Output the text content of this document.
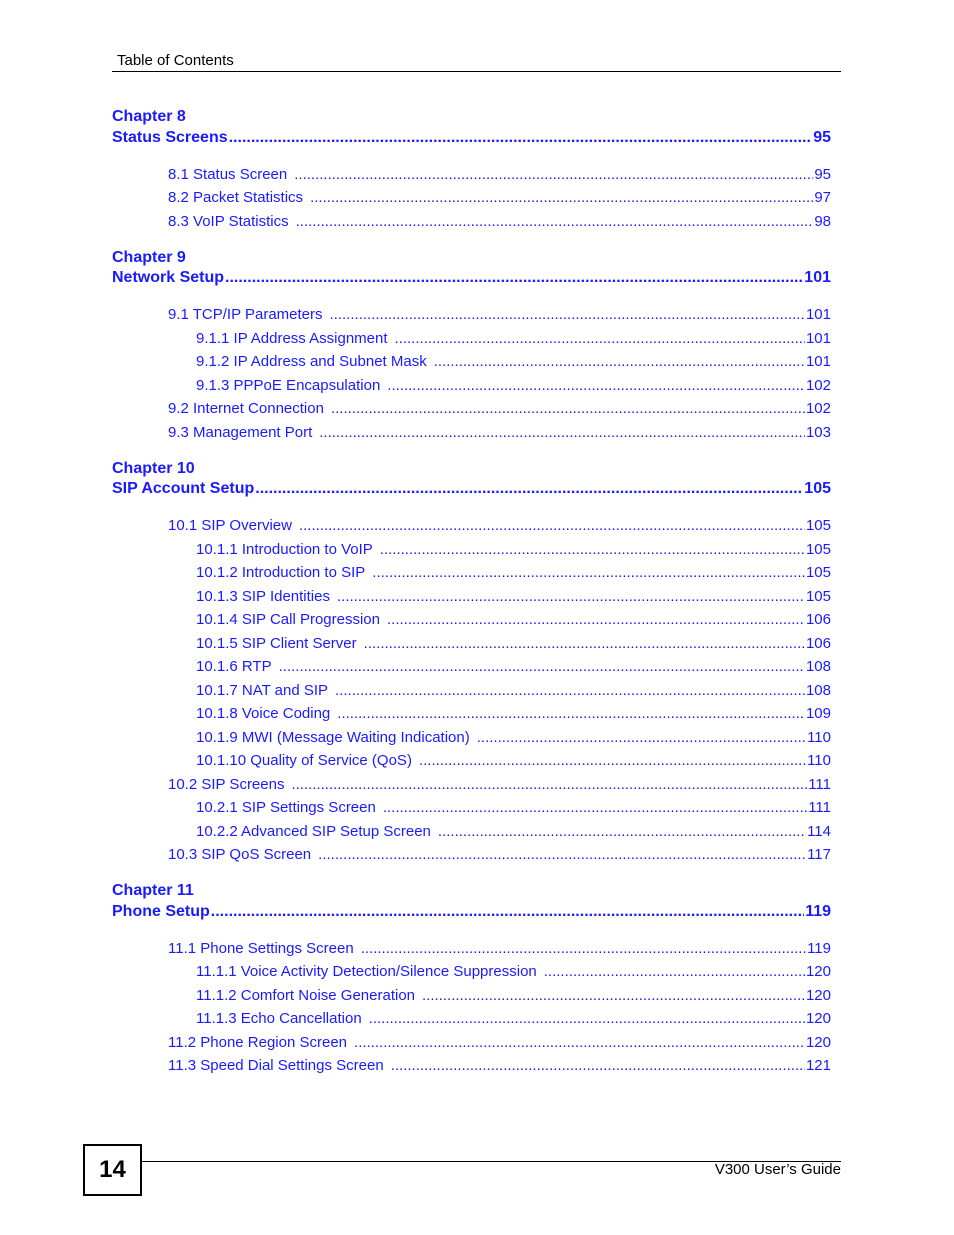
Table of Contents
Chapter 8
Status Screens .....	95
8.1 Status Screen .....	95
8.2 Packet Statistics .....	97
8.3 VoIP Statistics .....	98
Chapter 9
Network Setup .....	101
9.1 TCP/IP Parameters .....	101
9.1.1 IP Address Assignment .....	101
9.1.2 IP Address and Subnet Mask .....	101
9.1.3 PPPoE Encapsulation .....	102
9.2 Internet Connection .....	102
9.3 Management Port .....	103
Chapter 10
SIP Account Setup .....	105
10.1 SIP Overview .....	105
10.1.1 Introduction to VoIP .....	105
10.1.2 Introduction to SIP .....	105
10.1.3 SIP Identities .....	105
10.1.4 SIP Call Progression .....	106
10.1.5 SIP Client Server .....	106
10.1.6 RTP .....	108
10.1.7 NAT and SIP .....	108
10.1.8 Voice Coding .....	109
10.1.9 MWI (Message Waiting Indication) .....	110
10.1.10 Quality of Service (QoS) .....	110
10.2 SIP Screens .....	111
10.2.1 SIP Settings Screen .....	111
10.2.2 Advanced SIP Setup Screen .....	114
10.3 SIP QoS Screen .....	117
Chapter 11
Phone Setup .....	119
11.1 Phone Settings Screen .....	119
11.1.1 Voice Activity Detection/Silence Suppression .....	120
11.1.2 Comfort Noise Generation .....	120
11.1.3 Echo Cancellation .....	120
11.2 Phone Region Screen .....	120
11.3 Speed Dial Settings Screen .....	121
14	V300 User’s Guide
